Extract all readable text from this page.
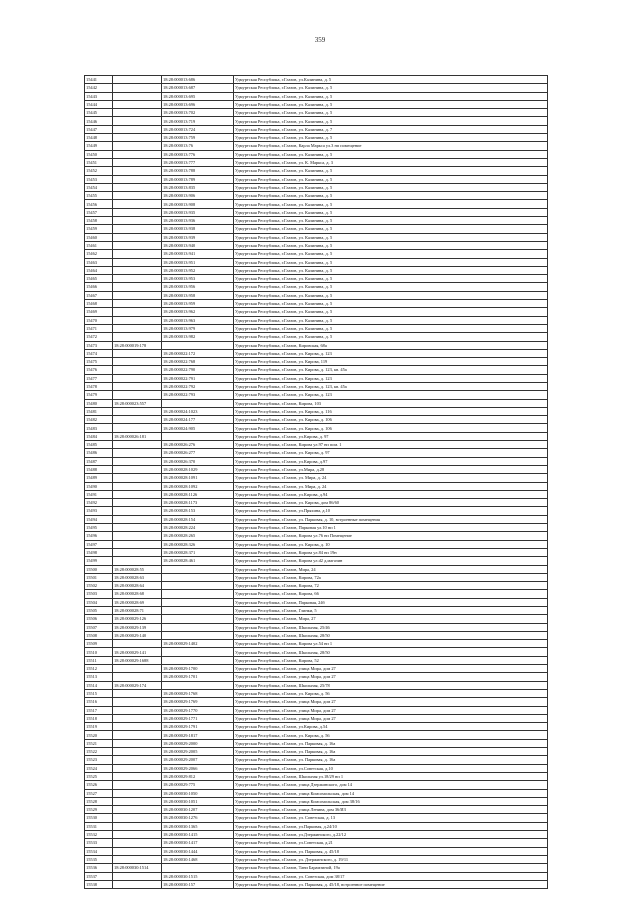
359
15441		18:28:000013:686	Удмуртская Республика, г.Глазов, ул.Калинина, д. 5
15442		18:28:000013:687	Удмуртская Республика, г.Глазов, ул. Калинина, д. 5
15443		18:28:000013:695	Удмуртская Республика, г.Глазов, ул. Калинина, д. 5
15444		18:28:000013:696	Удмуртская Республика, г.Глазов, ул. Калинина, д. 5
15445		18:28:000013:702	Удмуртская Республика, г.Глазов, ул. Калинина, д. 5
15446		18:28:000013:719	Удмуртская Республика, г.Глазов, ул. Калинина, д. 5
15447		18:28:000013:724	Удмуртская Республика, г.Глазов, ул. Калинина, д. 7
15448		18:28:000013:759	Удмуртская Республика, г.Глазов, ул. Калинина, д. 5
15449		18:28:000013:76	Удмуртская Республика, г.Глазов, Карла Маркса ул.3 нп помещение
15450		18:28:000013:776	Удмуртская Республика, г.Глазов, ул. Калинина, д. 5
15451		18:28:000013:777	Удмуртская Республика, г.Глазов, ул. К. Маркса, д. 3
15452		18:28:000013:788	Удмуртская Республика, г.Глазов, ул. Калинина, д. 5
15453		18:28:000013:789	Удмуртская Республика, г.Глазов, ул. Калинина, д. 5
15454		18:28:000013:835	Удмуртская Республика, г.Глазов, ул. Калинина, д. 5
15455		18:28:000013:906	Удмуртская Республика, г.Глазов, ул. Калинина, д. 5
15456		18:28:000013:908	Удмуртская Республика, г.Глазов, ул. Калинина, д. 5
15457		18:28:000013:935	Удмуртская Республика, г.Глазов, ул. Калинина, д. 5
15458		18:28:000013:936	Удмуртская Республика, г.Глазов, ул. Калинина, д. 5
15459		18:28:000013:938	Удмуртская Республика, г.Глазов, ул. Калинина, д. 5
15460		18:28:000013:939	Удмуртская Республика, г.Глазов, ул. Калинина, д. 5
15461		18:28:000013:940	Удмуртская Республика, г.Глазов, ул. Калинина, д. 5
15462		18:28:000013:941	Удмуртская Республика, г.Глазов, ул. Калинина, д. 5
15463		18:28:000013:951	Удмуртская Республика, г.Глазов, ул. Калинина, д. 5
15464		18:28:000013:952	Удмуртская Республика, г.Глазов, ул. Калинина, д. 5
15465		18:28:000013:953	Удмуртская Республика, г.Глазов, ул. Калинина, д. 5
15466		18:28:000013:956	Удмуртская Республика, г.Глазов, ул. Калинина, д. 5
15467		18:28:000013:958	Удмуртская Республика, г.Глазов, ул. Калинина, д. 5
15468		18:28:000013:959	Удмуртская Республика, г.Глазов, ул. Калинина, д. 5
15469		18:28:000013:962	Удмуртская Республика, г.Глазов, ул. Калинина, д. 5
15470		18:28:000013:963	Удмуртская Республика, г.Глазов, ул. Калинина, д. 5
15471		18:28:000013:979	Удмуртская Республика, г.Глазов, ул. Калинина, д. 5
15472		18:28:000013:982	Удмуртская Республика, г.Глазов, ул. Калинина, д. 5
15473	18:28:000019:178		Удмуртская Республика, г.Глазов, Кировская, 68а
15474		18:28:000022:172	Удмуртская Республика, г.Глазов, ул. Кирова, д. 123
15475		18:28:000022:768	Удмуртская Республика, г.Глазов, ул. Кирова, 119
15476		18:28:000022:790	Удмуртская Республика, г.Глазов, ул. Кирова, д. 123, кв. 45а
15477		18:28:000022:791	Удмуртская Республика, г.Глазов, ул. Кирова, д. 123
15478		18:28:000022:792	Удмуртская Республика, г.Глазов, ул. Кирова, д. 123, кв. 45а
15479		18:28:000022:793	Удмуртская Республика, г.Глазов, ул. Кирова, д. 123
15480	18:28:000023:557		Удмуртская Республика, г.Глазов, Кирова, 103
15481		18:28:000024:1023	Удмуртская Республика, г.Глазов, ул. Кирова, д. 116
15482		18:28:000024:177	Удмуртская Республика, г.Глазов, ул. Кирова, д. 106
15483		18:28:000024:905	Удмуртская Республика, г.Глазов, ул. Кирова, д. 106
15484	18:28:000026:181		Удмуртская Республика, г.Глазов, ул.Кирова, д. 97
15485		18:28:000026:276	Удмуртская Республика, г.Глазов, Кирова ул.97 нп пом. 1
15486		18:28:000026:277	Удмуртская Республика, г.Глазов, ул. Кирова, д. 97
15487		18:28:000026:370	Удмуртская Республика, г.Глазов, ул.Кирова, д.97
15488		18:28:000028:1029	Удмуртская Республика, г.Глазов, ул.Мира, д.28
15489		18:28:000028:1091	Удмуртская Республика, г.Глазов, ул. Мира, д. 24
15490		18:28:000028:1092	Удмуртская Республика, г.Глазов, ул. Мира, д. 24
15491		18:28:000028:1126	Удмуртская Республика, г.Глазов, ул.Кирова, д.94
15492		18:28:000028:1173	Удмуртская Республика, г.Глазов, ул. Кирова, дом 86/60
15493		18:28:000028:153	Удмуртская Республика, г.Глазов, ул.Пряхина, д.10
15494		18:28:000028:154	Удмуртская Республика, г.Глазов, ул. Парковая, д. 10, встроенные помещения
15495		18:28:000028:224	Удмуртская Республика, г.Глазов, Парковая ул.10 нп 1
15496		18:28:000028:265	Удмуртская Республика, г.Глазов, Кирова ул.76 нп Помещение
15497		18:28:000028:326	Удмуртская Республика, г.Глазов, ул. Кирова, д. 10
15498		18:28:000028:371	Удмуртская Республика, г.Глазов, Кирова ул.84 нп 19н
15499		18:28:000028:461	Удмуртская Республика, г.Глазов, Кирова ул.d2 д.магазин
15500	18:28:000028:55		Удмуртская Республика, г.Глазов, Мира, 24
15501	18:28:000028:63		Удмуртская Республика, г.Глазов, Кирова, 72а
15502	18:28:000028:64		Удмуртская Республика, г.Глазов, Кирова, 72
15503	18:28:000028:68		Удмуртская Республика, г.Глазов, Кирова, 66
15504	18:28:000028:69		Удмуртская Республика, г.Глазов, Парковая, 24б
15505	18:28:000028:71		Удмуртская Республика, г.Глазов, Глинки, 5
15506	18:28:000029:126		Удмуртская Республика, г.Глазов, Мира, 27
15507	18:28:000029:139		Удмуртская Республика, г.Глазов, Школьная, 25/46
15508	18:28:000029:140		Удмуртская Республика, г.Глазов, Школьная, 28/50
15509		18:28:000029:1402	Удмуртская Республика, г.Глазов, Кирова ул.54 нп 1
15510	18:28:000029:141		Удмуртская Республика, г.Глазов, Школьная, 28/50
15511	18:28:000029:1688		Удмуртская Республика, г.Глазов, Кирова, 52
15512		18:28:000029:1700	Удмуртская Республика, г.Глазов, улица Мира, дом 27
15513		18:28:000029:1701	Удмуртская Республика, г.Глазов, улица Мира, дом 27
15514	18:28:000029:174		Удмуртская Республика, г.Глазов, Школьная, 25/78
15515		18:28:000029:1768	Удмуртская Республика, г.Глазов, ул. Кирова, д. 56
15516		18:28:000029:1769	Удмуртская Республика, г.Глазов, улица Мира, дом 27
15517		18:28:000029:1770	Удмуртская Республика, г.Глазов, улица Мира, дом 27
15518		18:28:000029:1771	Удмуртская Республика, г.Глазов, улица Мира, дом 27
15519		18:28:000029:1791	Удмуртская Республика, г.Глазов, ул.Кирова, д.54
15520		18:28:000029:1817	Удмуртская Республика, г.Глазов, ул. Кирова, д. 56
15521		18:28:000029:2000	Удмуртская Республика, г.Глазов, ул. Парковая, д. 16а
15522		18:28:000029:2005	Удмуртская Республика, г.Глазов, ул. Парковая, д. 16а
15523		18:28:000029:2007	Удмуртская Республика, г.Глазов, ул. Парковая, д. 16а
15524		18:28:000029:2066	Удмуртская Республика, г.Глазов, ул.Советская, д.10
15525		18:28:000029:812	Удмуртская Республика, г.Глазов, Школьная ул.18/29 нп 1
15526		18:28:000029:775	Удмуртская Республика, г.Глазов, улица Дзержинского, дом 14
15527		18:28:000030:1050	Удмуртская Республика, г.Глазов, улица Комсомольская, дом 14
15528		18:28:000030:1051	Удмуртская Республика, г.Глазов, улица Комсомольская, дом 38/16
15529		18:28:000030:1207	Удмуртская Республика, г.Глазов, улица Ленина, дом 36/ИЗ
15530		18:28:000030:1276	Удмуртская Республика, г.Глазов, ул. Советская, д. 13
15531		18:28:000030:1365	Удмуртская Республика, г.Глазов, ул.Парковая, д.24/10
15532		18:28:000030:1415	Удмуртская Республика, г.Глазов, ул.Дзержинского, д.22/12
15533		18:28:000030:1417	Удмуртская Республика, г.Глазов, ул.Советская, д.21
15534		18:28:000030:1444	Удмуртская Республика, г.Глазов, ул. Парковая, д. 45/18
15535		18:28:000030:1468	Удмуртская Республика, г.Глазов, ул. Дзержинского, д. 19/11
15536	18:28:000030:1514		Удмуртская Республика, г.Глазов, Тани Барамзиной, 19а
15537		18:28:000030:1515	Удмуртская Республика, г.Глазов, ул. Советская, дом 38/17
15538		18:28:000030:157	Удмуртская Республика, г.Глазов, ул. Парковая, д. 45/18, встроенное помещение
